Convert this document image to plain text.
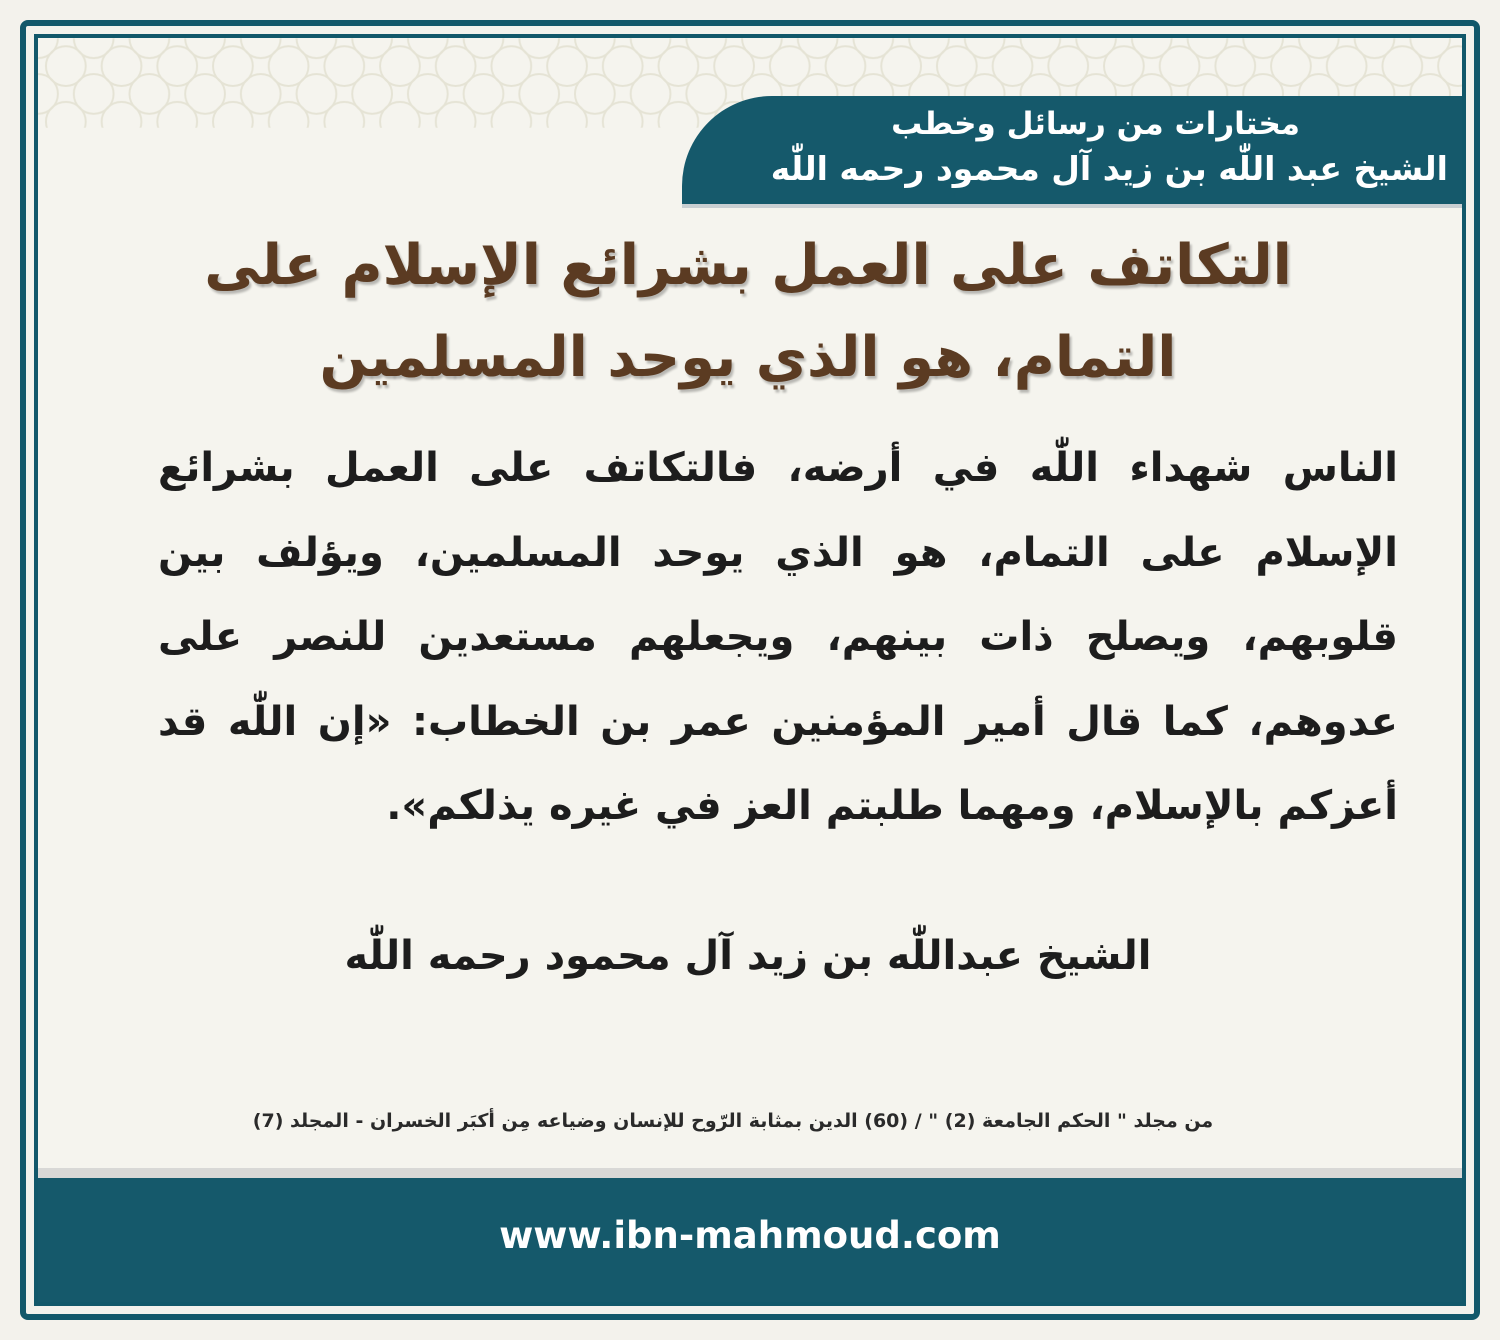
مختارات من رسائل وخطب
الشيخ عبد اللّٰه بن زيد آل محمود رحمه اللّٰه
التكاتف على العمل بشرائع الإسلام على التمام، هو الذي يوحد المسلمين
الناس شهداء اللّٰه في أرضه، فالتكاتف على العمل بشرائع الإسلام على التمام، هو الذي يوحد المسلمين، ويؤلف بين قلوبهم، ويصلح ذات بينهم، ويجعلهم مستعدين للنصر على عدوهم، كما قال أمير المؤمنين عمر بن الخطاب: «إن اللّٰه قد أعزكم بالإسلام، ومهما طلبتم العز في غيره يذلكم».
الشيخ عبداللّٰه بن زيد آل محمود رحمه اللّٰه
من مجلد " الحكم الجامعة (2) " / (60) الدين بمثابة الرّوح للإنسان وضياعه مِن أكبَر الخسران - المجلد (7)
www.ibn-mahmoud.com
